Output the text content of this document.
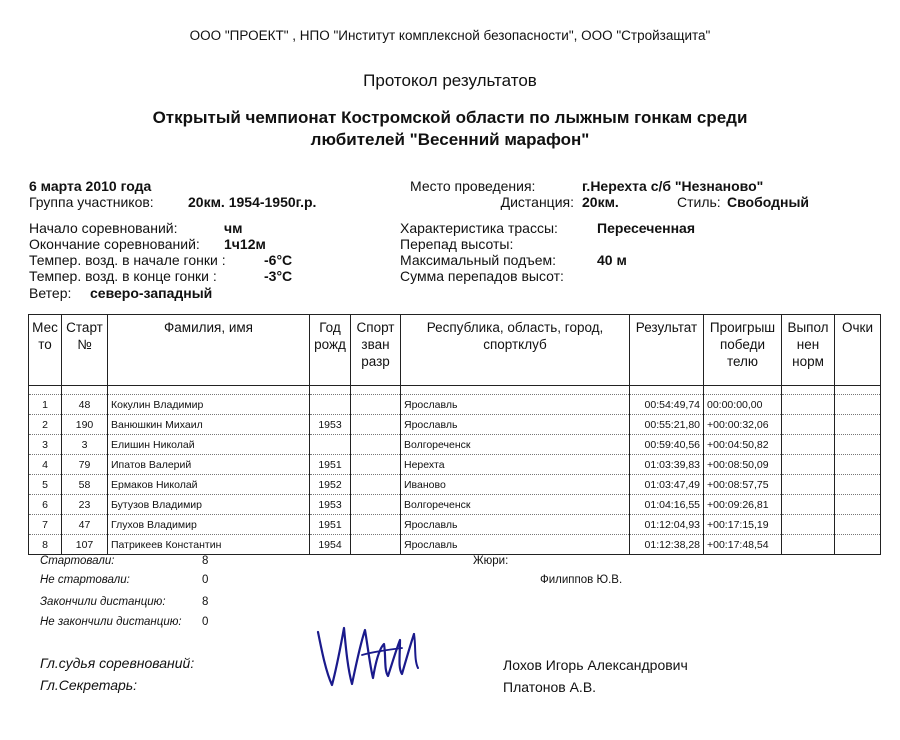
ООО "ПРОЕКТ" , НПО "Институт комплексной безопасности", ООО "Стройзащита"
Протокол результатов
Открытый чемпионат Костромской области по лыжным гонкам среди
любителей "Весенний марафон"
6 марта 2010 года
Группа участников: 20км. 1954-1950г.р.
Начало соревнований:	чм
Окончание соревнований: 1ч12м
Темпер. возд. в начале гонки :	-6°С
Темпер. возд. в конце гонки :	-3°С
Ветер: северо-западный
Место проведения:	г.Нерехта с/б "Незнаново"
Дистанция: 20км.	Стиль: Свободный
Характеристика трассы:	Пересеченная
Перепад высоты:
Максимальный подъем:	40 м
Сумма перепадов высот:
Мес то	Старт №	Фамилия, имя	Год рожд	Спорт зван разр	Республика, область, город, спортклуб	Результат	Проигрыш победи телю	Выпол нен норм	Очки

1	48	Кокулин Владимир			Ярославль	00:54:49,74	00:00:00,00		
2	190	Ванюшкин Михаил	1953		Ярославль	00:55:21,80	+00:00:32,06		
3	3	Елишин Николай			Волгореченск	00:59:40,56	+00:04:50,82		
4	79	Ипатов Валерий	1951		Нерехта	01:03:39,83	+00:08:50,09		
5	58	Ермаков Николай	1952		Иваново	01:03:47,49	+00:08:57,75		
6	23	Бутузов Владимир	1953		Волгореченск	01:04:16,55	+00:09:26,81		
7	47	Глухов Владимир	1951		Ярославль	01:12:04,93	+00:17:15,19		
8	107	Патрикеев Константин	1954		Ярославль	01:12:38,28	+00:17:48,54		
Стартовали:	8
Не стартовали:	0
Закончили дистанцию:	8
Не закончили дистанцию: 0
Жюри:
Филиппов Ю.В.
Гл.судья соревнований:	Лохов Игорь Александрович
Гл.Секретарь:	Платонов А.В.
